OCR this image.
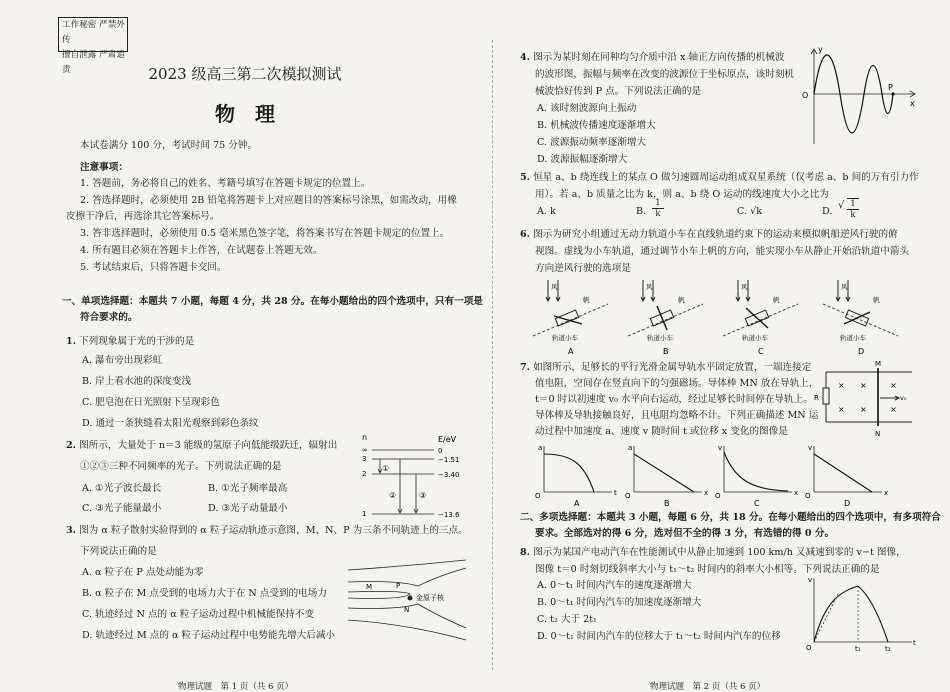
工作秘密 严禁外传
擅自泄露 严肃追责	2023 级高三第二次模拟测试
物　理
本试卷满分 100 分，考试时间 75 分钟。
注意事项：
1. 答题前，务必将自己的姓名、考籍号填写在答题卡规定的位置上。
2. 答选择题时，必须使用 2B 铅笔将答题卡上对应题目的答案标号涂黑，如需改动，用橡
皮擦干净后，再选涂其它答案标号。
3. 答非选择题时，必须使用 0.5 毫米黑色签字笔，将答案书写在答题卡规定的位置上。
4. 所有题目必须在答题卡上作答，在试题卷上答题无效。
5. 考试结束后，只将答题卡交回。
一、单项选择题：本题共 7 小题，每题 4 分，共 28 分。在每小题给出的四个选项中，只有一项是
符合要求的。
1. 下列现象属于光的干涉的是
A. 瀑布旁出现彩虹
B. 岸上看水池的深度变浅
C. 肥皂泡在日光照射下呈现彩色
D. 通过一条狭缝看太阳光观察到彩色条纹
2. 图所示，大量处于 n＝3 能级的氢原子向低能级跃迁，辐射出
①②③三种不同频率的光子。下列说法正确的是
A. ①光子波长最长	B. ①光子频率最高
C. ③光子能量最小	D. ③光子动量最小
n	E/eV
∞	0
3	−1.51
2	−3.40
1	−13.6
①
②	③
3. 图为 α 粒子散射实验得到的 α 粒子运动轨迹示意图，M、N、P 为三条不同轨迹上的三点。
下列说法正确的是
A. α 粒子在 P 点处动能为零
B. α 粒子在 M 点受到的电场力大于在 N 点受到的电场力
C. 轨迹经过 N 点的 α 粒子运动过程中机械能保持不变
D. 轨迹经过 M 点的 α 粒子运动过程中电势能先增大后减小
金原子核
M	P
N
物理试题　第 1 页（共 6 页）
4. 图示为某时刻在同种均匀介质中沿 x 轴正方向传播的机械波
的波形图，振幅与频率在改变的波源位于坐标原点，该时刻机
械波恰好传到 P 点。下列说法正确的是
A. 该时刻波源向上振动
B. 机械波传播速度逐渐增大
C. 波源振动频率逐渐增大
D. 波源振幅逐渐增大
y
x
O
P
5. 恒星 a、b 绕连线上的某点 O 做匀速圆周运动组成双星系统（仅考虑 a、b 间的万有引力作
用）。若 a、b 质量之比为 k，则 a、b 绕 O 运动的线速度大小之比为
A. k	B.
1
k	C. √k	D.
√ 1
k
6. 图示为研究小组通过无动力轨道小车在直线轨道约束下的运动来模拟帆船逆风行驶的俯
视图。虚线为小车轨道，通过调节小车上帆的方向，能实现小车从静止开始沿轨道中箭头
方向逆风行驶的选项是
风
帆
轨道小车
A
风
帆
轨道小车
B
风
帆
轨道小车
C
风
帆
轨道小车
D
7. 如图所示，足够长的平行光滑金属导轨水平固定放置，一端连接定
值电阻，空间存在竖直向下的匀强磁场。导体棒 MN 放在导轨上，
t＝0 时以初速度 v₀ 水平向右运动，经过足够长时间停在导轨上。
导体棒及导轨接触良好，且电阻均忽略不计。下列正确描述 MN 运
动过程中加速度 a、速度 v 随时间 t 或位移 x 变化的图像是
R
M
N
× ×	×
× ×	×
v₀
a
t
O
A
a
x
O
B
v
x
O
C
v
x
O
D
二、多项选择题：本题共 3 小题，每题 6 分，共 18 分。在每小题给出的四个选项中，有多项符合
要求。全部选对的得 6 分，选对但不全的得 3 分，有选错的得 0 分。
8. 图示为某国产电动汽车在性能测试中从静止加速到 100 km/h 又减速到零的 v−t 图像，
图像 t＝0 时刻切线斜率大小与 t₁～t₂ 时间内的斜率大小相等。下列说法正确的是
A. 0～t₁ 时间内汽车的速度逐渐增大
B. 0～t₁ 时间内汽车的加速度逐渐增大
C. t₂ 大于 2t₁
D. 0～t₁ 时间内汽车的位移大于 t₁～t₂ 时间内汽车的位移
v
O
t
t₁	t₂
物理试题　第 2 页（共 6 页）
